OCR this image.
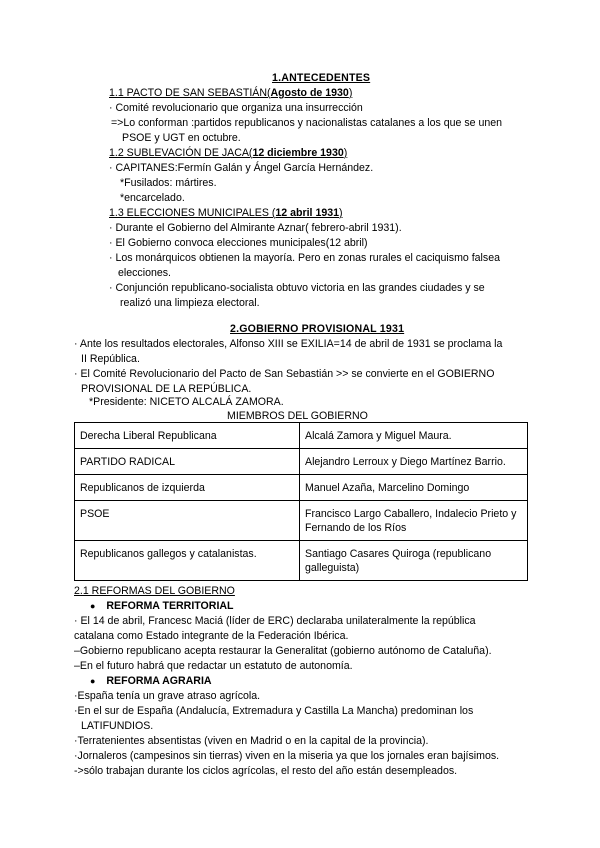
1.ANTECEDENTES
1.1 PACTO DE SAN SEBASTIÁN(Agosto de 1930)
· Comité revolucionario que organiza una insurrección
=>Lo conforman :partidos republicanos y nacionalistas catalanes a los que se unen
PSOE y UGT en octubre.
1.2 SUBLEVACIÓN DE JACA(12 diciembre 1930)
· CAPITANES:Fermín Galán y Ángel García Hernández.
*Fusilados: mártires.
*encarcelado.
1.3 ELECCIONES MUNICIPALES (12 abril 1931)
· Durante el Gobierno del Almirante Aznar( febrero-abril 1931).
· El Gobierno convoca elecciones municipales(12 abril)
· Los monárquicos obtienen la mayoría. Pero en zonas rurales el caciquismo falsea
elecciones.
· Conjunción republicano-socialista obtuvo victoria en las grandes ciudades y se
realizó una limpieza electoral.
2.GOBIERNO PROVISIONAL 1931
· Ante los resultados electorales, Alfonso XIII se EXILIA=14 de abril de 1931 se proclama la
II República.
· El Comité Revolucionario del Pacto de San Sebastián >> se convierte en el GOBIERNO
PROVISIONAL DE LA REPÚBLICA.
*Presidente: NICETO ALCALÁ ZAMORA.
MIEMBROS DEL GOBIERNO
Derecha Liberal Republicana	Alcalá Zamora y Miguel Maura.
PARTIDO RADICAL	Alejandro Lerroux y Diego Martínez Barrio.
Republicanos de izquierda	Manuel Azaña, Marcelino Domingo
PSOE	Francisco Largo Caballero, Indalecio Prieto y Fernando de los Ríos
Republicanos gallegos y catalanistas.	Santiago Casares Quiroga (republicano galleguista)
2.1 REFORMAS DEL GOBIERNO
● REFORMA TERRITORIAL
· El 14 de abril, Francesc Maciá (líder de ERC) declaraba unilateralmente la república
catalana como Estado integrante de la Federación Ibérica.
–Gobierno republicano acepta restaurar la Generalitat (gobierno autónomo de Cataluña).
–En el futuro habrá que redactar un estatuto de autonomía.
● REFORMA AGRARIA
·España tenía un grave atraso agrícola.
·En el sur de España (Andalucía, Extremadura y Castilla La Mancha) predominan los
LATIFUNDIOS.
·Terratenientes absentistas (viven en Madrid o en la capital de la provincia).
·Jornaleros (campesinos sin tierras) viven en la miseria ya que los jornales eran bajísimos.
->sólo trabajan durante los ciclos agrícolas, el resto del año están desempleados.
